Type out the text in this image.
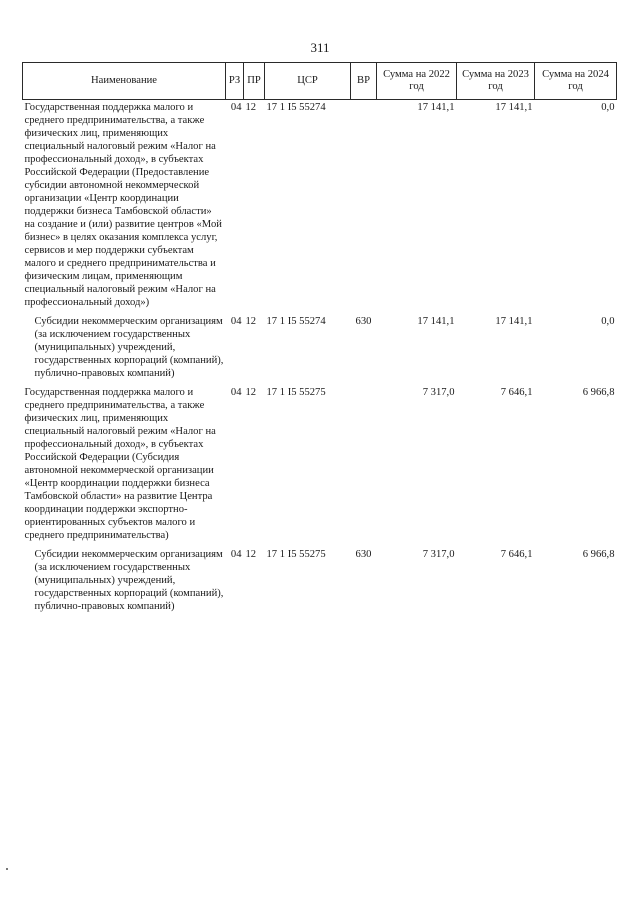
311
Наименование	РЗ	ПР	ЦСР	ВР	Сумма на 2022 год	Сумма на 2023 год	Сумма на 2024 год
Государственная поддержка малого и среднего предпринимательства, а также физических лиц, применяющих специальный налоговый режим «Налог на профессиональный доход», в субъектах Российской Федерации (Предоставление субсидии автономной некоммерческой организации «Центр координации поддержки бизнеса Тамбовской области» на создание и (или) развитие центров «Мой бизнес» в целях оказания комплекса услуг, сервисов и мер поддержки субъектам малого и среднего предпринимательства и физическим лицам, применяющим специальный налоговый режим «Налог на профессиональный доход»)	04	12	17 1 I5 55274		17 141,1	17 141,1	0,0

Субсидии некоммерческим организациям (за исключением государственных (муниципальных) учреждений, государственных корпораций (компаний), публично-правовых компаний)	04	12	17 1 I5 55274	630	17 141,1	17 141,1	0,0
Государственная поддержка малого и среднего предпринимательства, а также физических лиц, применяющих специальный налоговый режим «Налог на профессиональный доход», в субъектах Российской Федерации (Субсидия автономной некоммерческой организации «Центр координации поддержки бизнеса Тамбовской области» на развитие Центра координации поддержки экспортно-ориентированных субъектов малого и среднего предпринимательства)	04	12	17 1 I5 55275		7 317,0	7 646,1	6 966,8

Субсидии некоммерческим организациям (за исключением государственных (муниципальных) учреждений, государственных корпораций (компаний), публично-правовых компаний)	04	12	17 1 I5 55275	630	7 317,0	7 646,1	6 966,8
